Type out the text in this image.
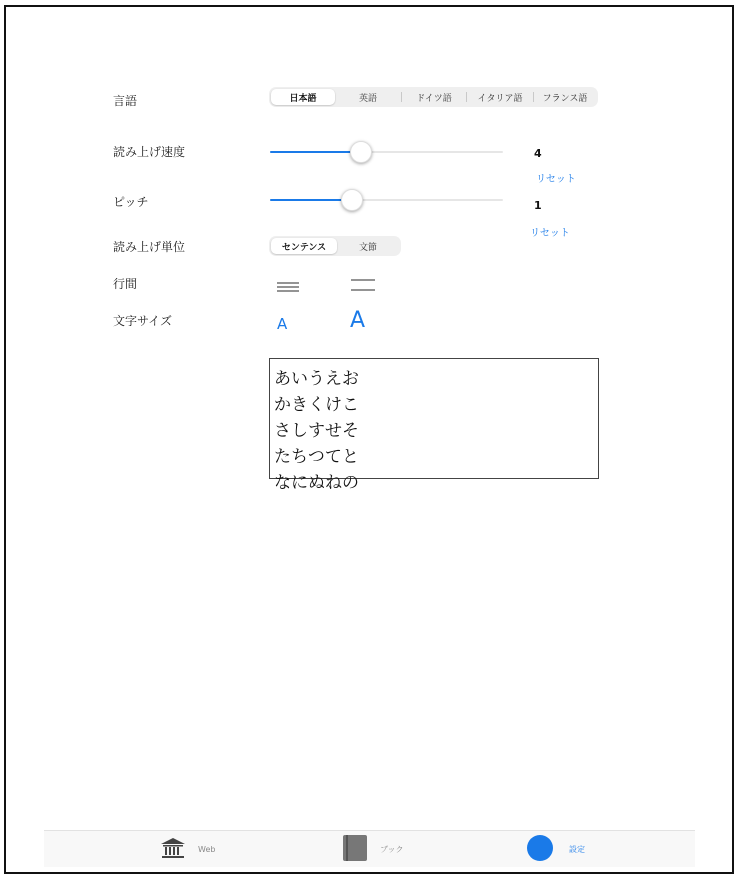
言語	日本語	英語	ドイツ語	イタリア語	フランス語
読み上げ速度	4
リセット
ピッチ	1
リセット
読み上げ単位	センテンス	文節
行間
文字サイズ	A	A
あいうえお
かきくけこ
さしすせそ
たちつてと
なにぬねの
Web	ブック	設定
